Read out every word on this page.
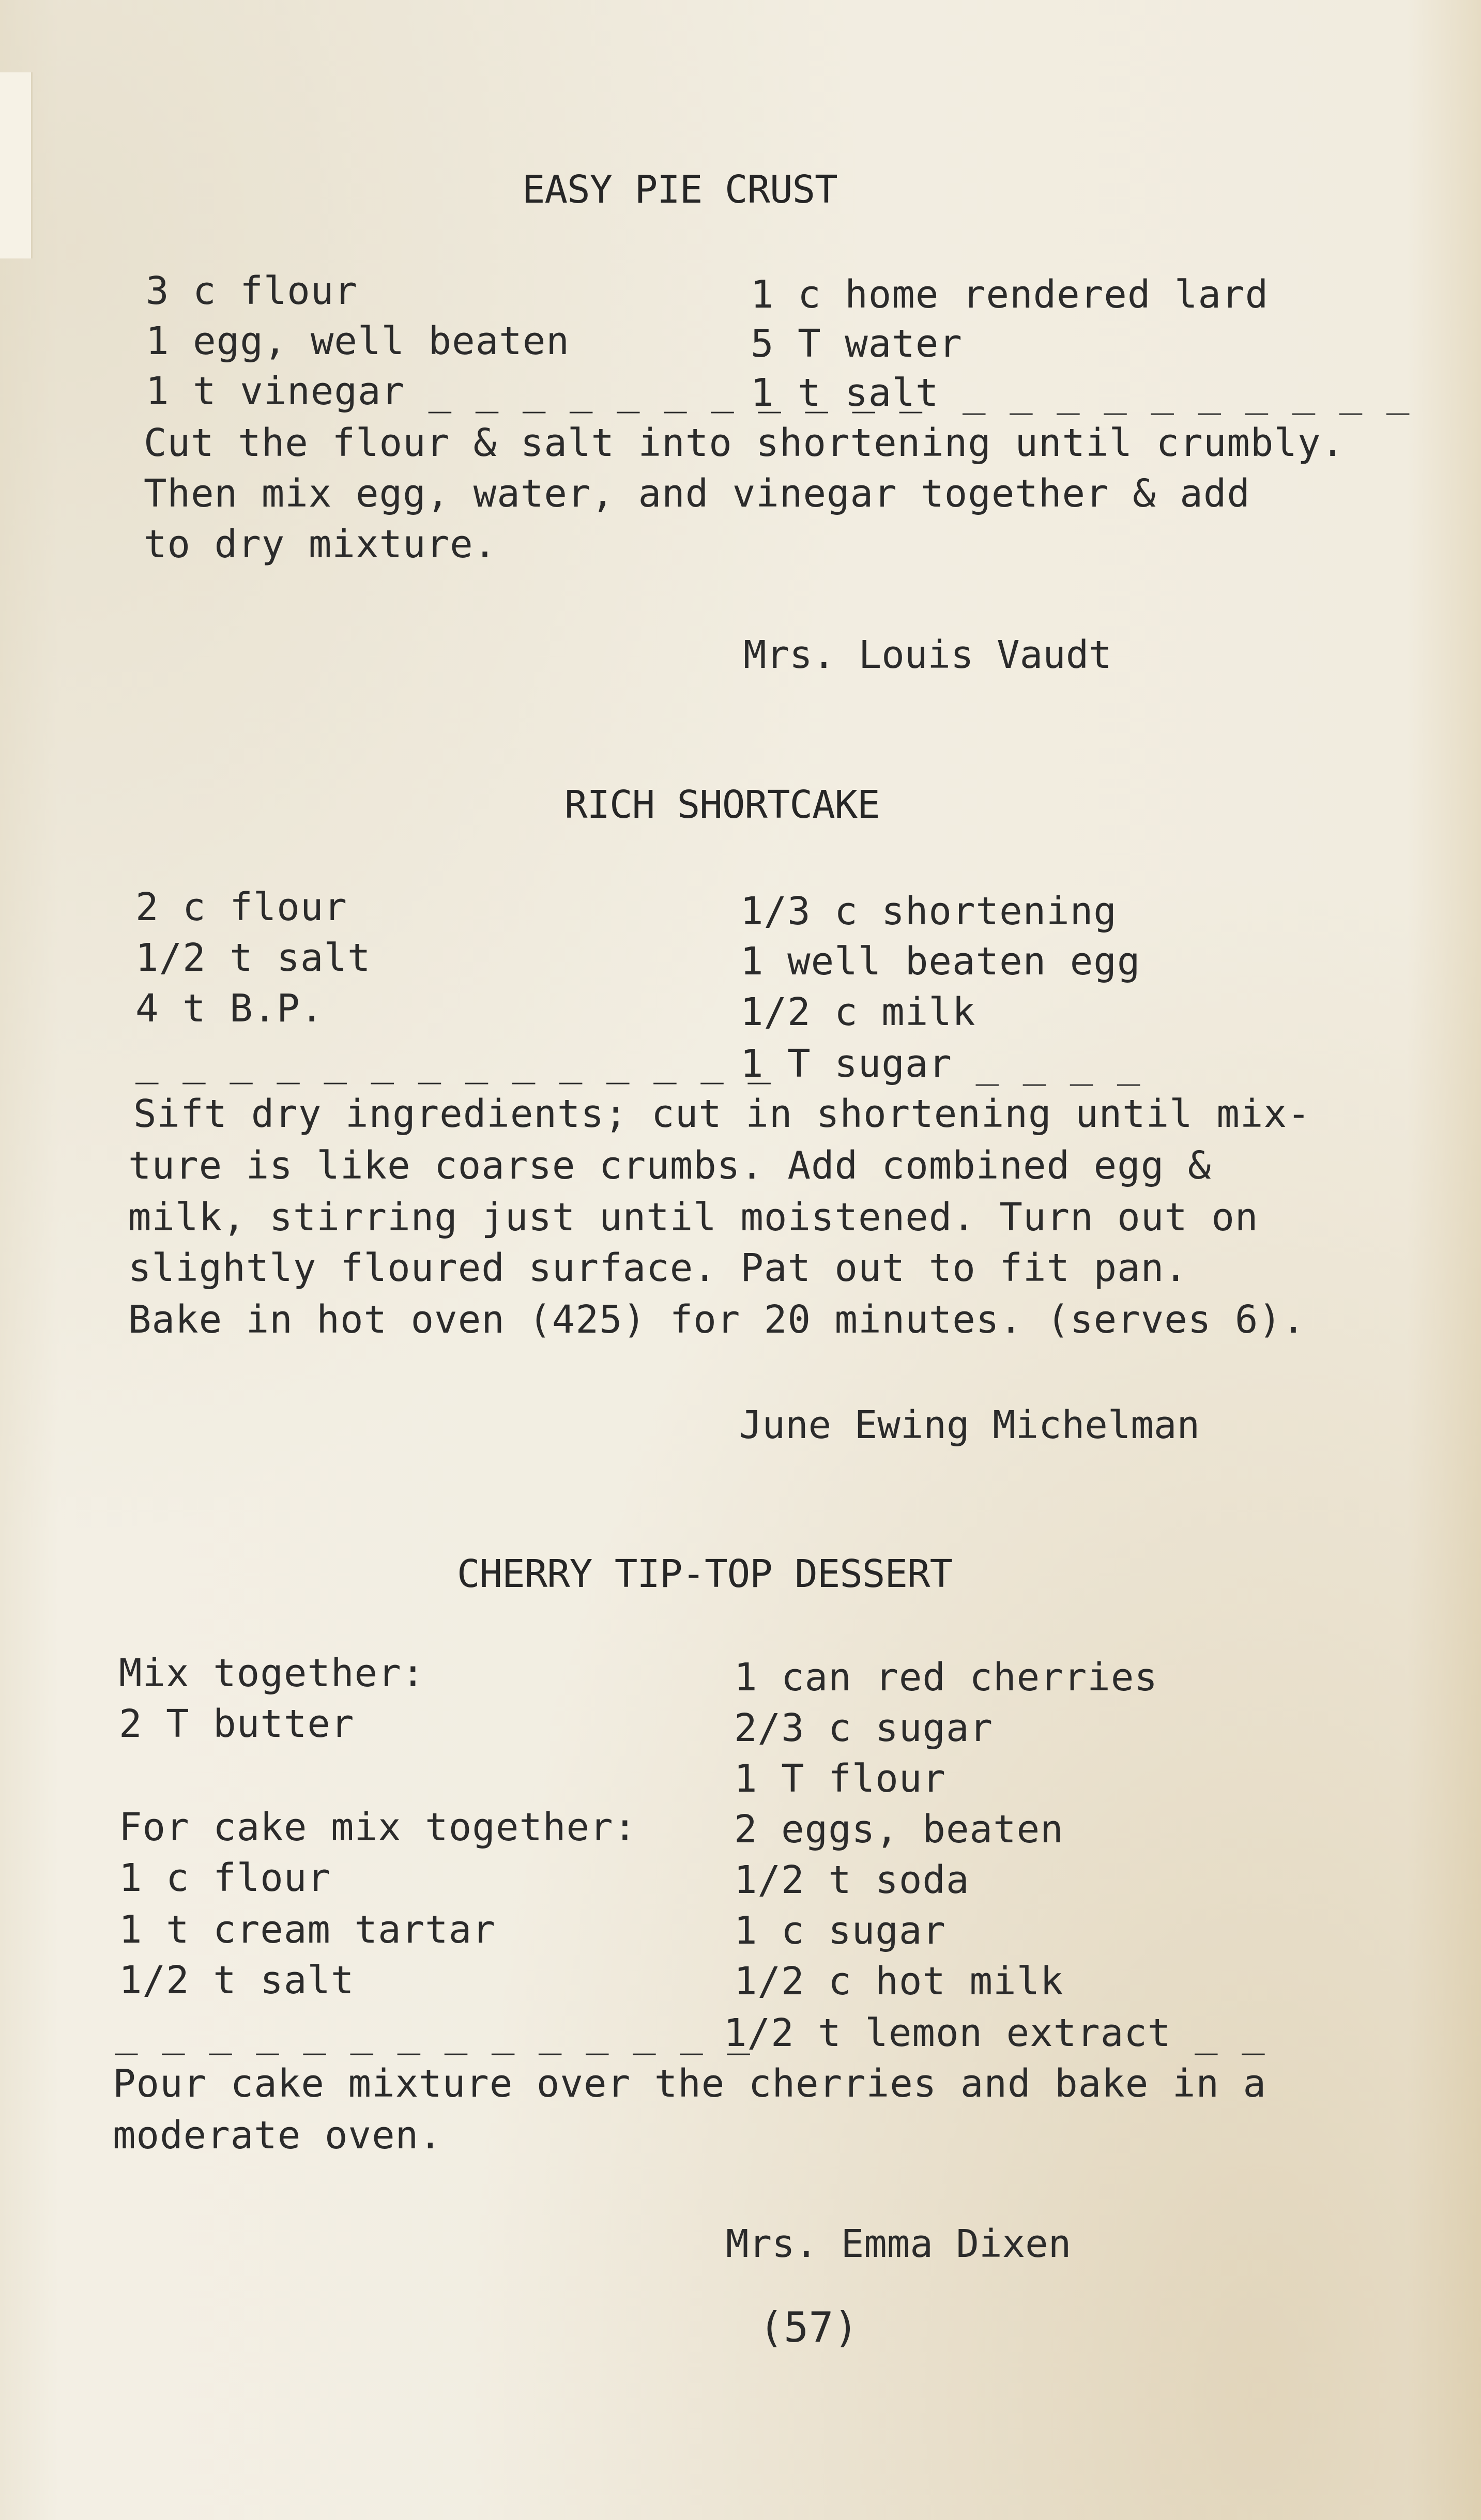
EASY PIE CRUST
3 c flour
1 egg, well beaten
1 t vinegar _ _ _ _ _ _ _ _ _ _ _
1 c home rendered lard
5 T water
1 t salt _ _ _ _ _ _ _ _ _ _
Cut the flour & salt into shortening until crumbly.
Then mix egg, water, and vinegar together & add
to dry mixture.
Mrs. Louis Vaudt
RICH SHORTCAKE
2 c flour
1/2 t salt
4 t B.P.
_ _ _ _ _ _ _ _ _ _ _ _ _ _
1/3 c shortening
1 well beaten egg
1/2 c milk
1 T sugar _ _ _ _
Sift dry ingredients; cut in shortening until mix-
ture is like coarse crumbs. Add combined egg &
milk, stirring just until moistened. Turn out on
slightly floured surface. Pat out to fit pan.
Bake in hot oven (425) for 20 minutes. (serves 6).
June Ewing Michelman
CHERRY TIP-TOP DESSERT
Mix together:
2 T butter
For cake mix together:
1 c flour
1 t cream tartar
1/2 t salt
_ _ _ _ _ _ _ _ _ _ _ _ _ _
1 can red cherries
2/3 c sugar
1 T flour
2 eggs, beaten
1/2 t soda
1 c sugar
1/2 c hot milk
1/2 t lemon extract _ _
Pour cake mixture over the cherries and bake in a
moderate oven.
Mrs. Emma Dixen
(57)
